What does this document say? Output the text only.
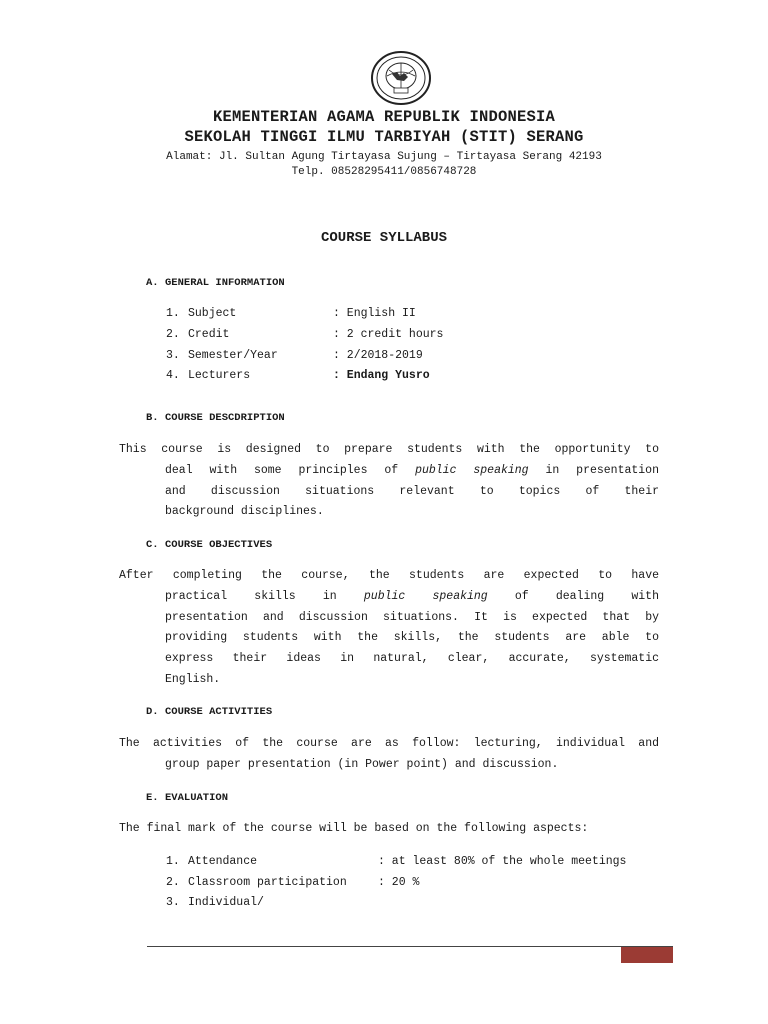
KEMENTERIAN AGAMA REPUBLIK INDONESIA
SEKOLAH TINGGI ILMU TARBIYAH (STIT) SERANG
Alamat: Jl. Sultan Agung Tirtayasa Sujung – Tirtayasa Serang 42193
Telp. 08528295411/0856748728
COURSE SYLLABUS
A. GENERAL INFORMATION
1. Subject	: English II
2. Credit	: 2 credit hours
3. Semester/Year	: 2/2018-2019
4. Lecturers	: Endang Yusro
B. COURSE DESCDRIPTION
This course is designed to prepare students with the opportunity to
deal with some principles of public speaking in presentation
and discussion situations relevant to topics of their
background disciplines.
C. COURSE OBJECTIVES
After completing the course, the students are expected to have
practical skills in public speaking of dealing with
presentation and discussion situations. It is expected that by
providing students with the skills, the students are able to
express their ideas in natural, clear, accurate, systematic
English.
D. COURSE ACTIVITIES
The activities of the course are as follow: lecturing, individual and
group paper presentation (in Power point) and discussion.
E. EVALUATION
The final mark of the course will be based on the following aspects:
1. Attendance	: at least 80% of the whole meetings
2. Classroom participation	: 20 %
3. Individual/
